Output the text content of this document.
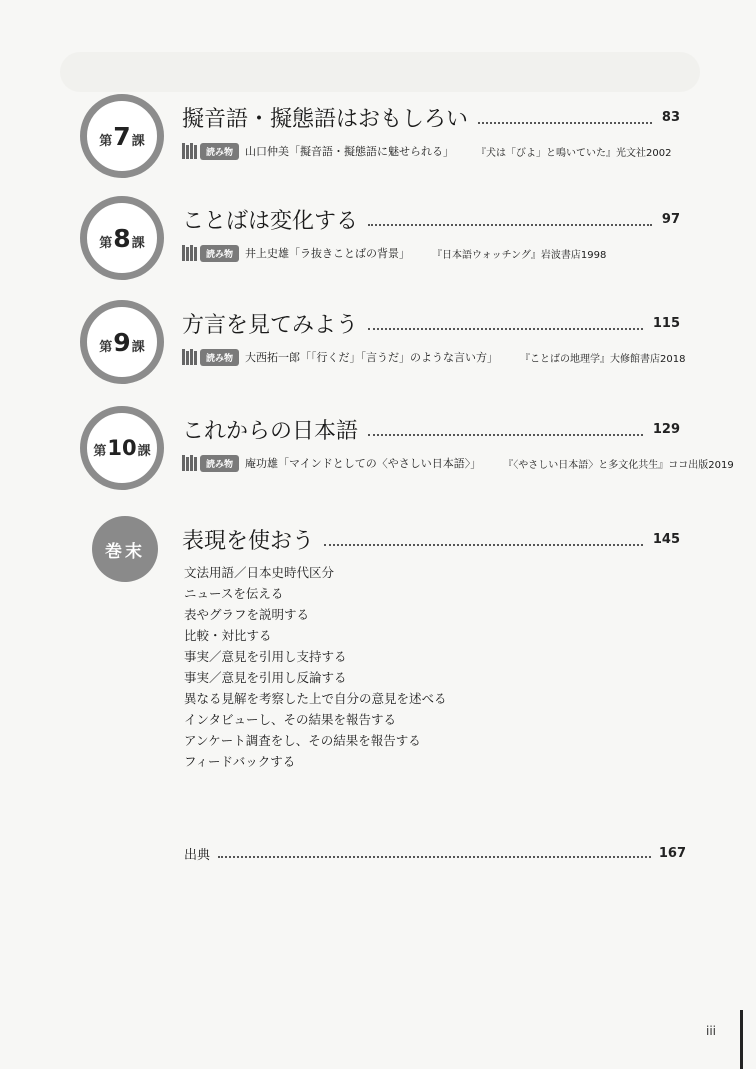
第 7 課
擬音語・擬態語はおもしろい	83
読み物	山口仲美「擬音語・擬態語に魅せられる」 『犬は「びよ」と鳴いていた』光文社2002
第 8 課
ことばは変化する	97
読み物	井上史雄「ラ抜きことばの背景」 『日本語ウォッチング』岩波書店1998
第 9 課
方言を見てみよう	115
読み物	大西拓一郎「「行くだ」「言うだ」のような言い方」 『ことばの地理学』大修館書店2018
第 10 課
これからの日本語	129
読み物	庵功雄「マインドとしての〈やさしい日本語〉」 『〈やさしい日本語〉と多文化共生』ココ出版2019
巻末 表現を使おう	145
文法用語／日本史時代区分
ニュースを伝える
表やグラフを説明する
比較・対比する
事実／意見を引用し支持する
事実／意見を引用し反論する
異なる見解を考察した上で自分の意見を述べる
インタビューし、その結果を報告する
アンケート調査をし、その結果を報告する
フィードバックする
出典	167
iii
